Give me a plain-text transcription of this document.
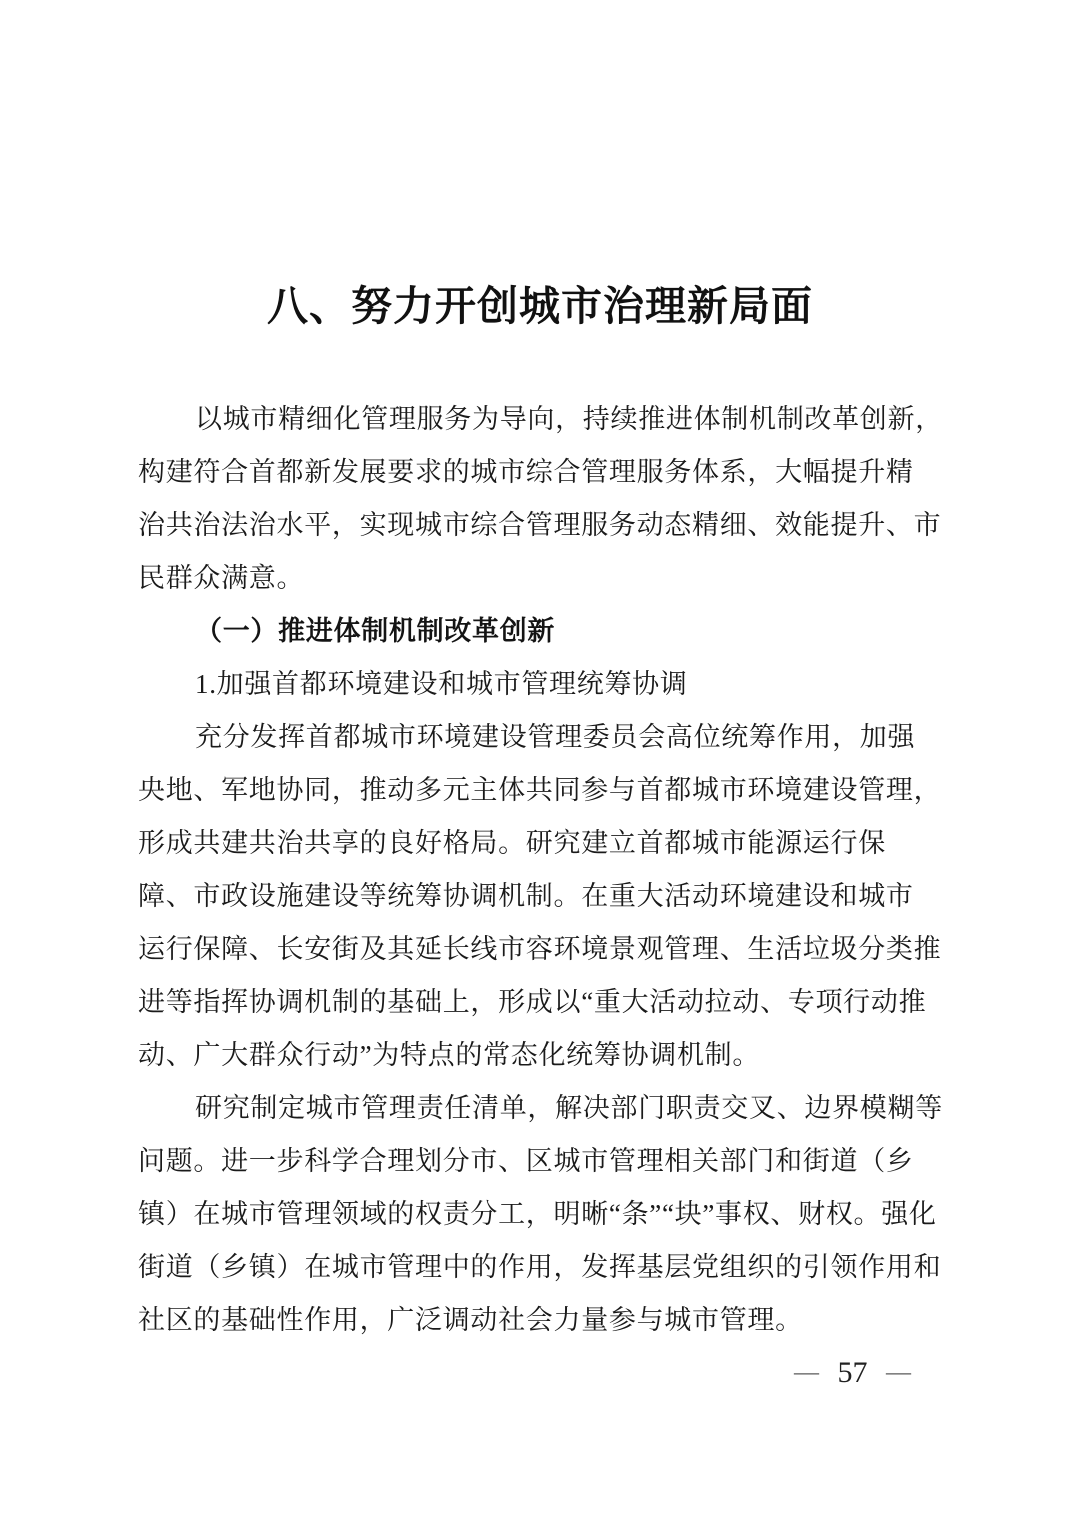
八、努力开创城市治理新局面

以城市精细化管理服务为导向，持续推进体制机制改革创新，

构建符合首都新发展要求的城市综合管理服务体系，大幅提升精

治共治法治水平，实现城市综合管理服务动态精细、效能提升、市

民群众满意。

（一）推进体制机制改革创新

1.加强首都环境建设和城市管理统筹协调

充分发挥首都城市环境建设管理委员会高位统筹作用，加强

央地、军地协同，推动多元主体共同参与首都城市环境建设管理，

形成共建共治共享的良好格局。研究建立首都城市能源运行保

障、市政设施建设等统筹协调机制。在重大活动环境建设和城市

运行保障、长安街及其延长线市容环境景观管理、生活垃圾分类推

进等指挥协调机制的基础上，形成以“重大活动拉动、专项行动推

动、广大群众行动”为特点的常态化统筹协调机制。

研究制定城市管理责任清单，解决部门职责交叉、边界模糊等

问题。进一步科学合理划分市、区城市管理相关部门和街道（乡

镇）在城市管理领域的权责分工，明晰“条”“块”事权、财权。强化

街道（乡镇）在城市管理中的作用，发挥基层党组织的引领作用和

社区的基础性作用，广泛调动社会力量参与城市管理。

— 57 —
